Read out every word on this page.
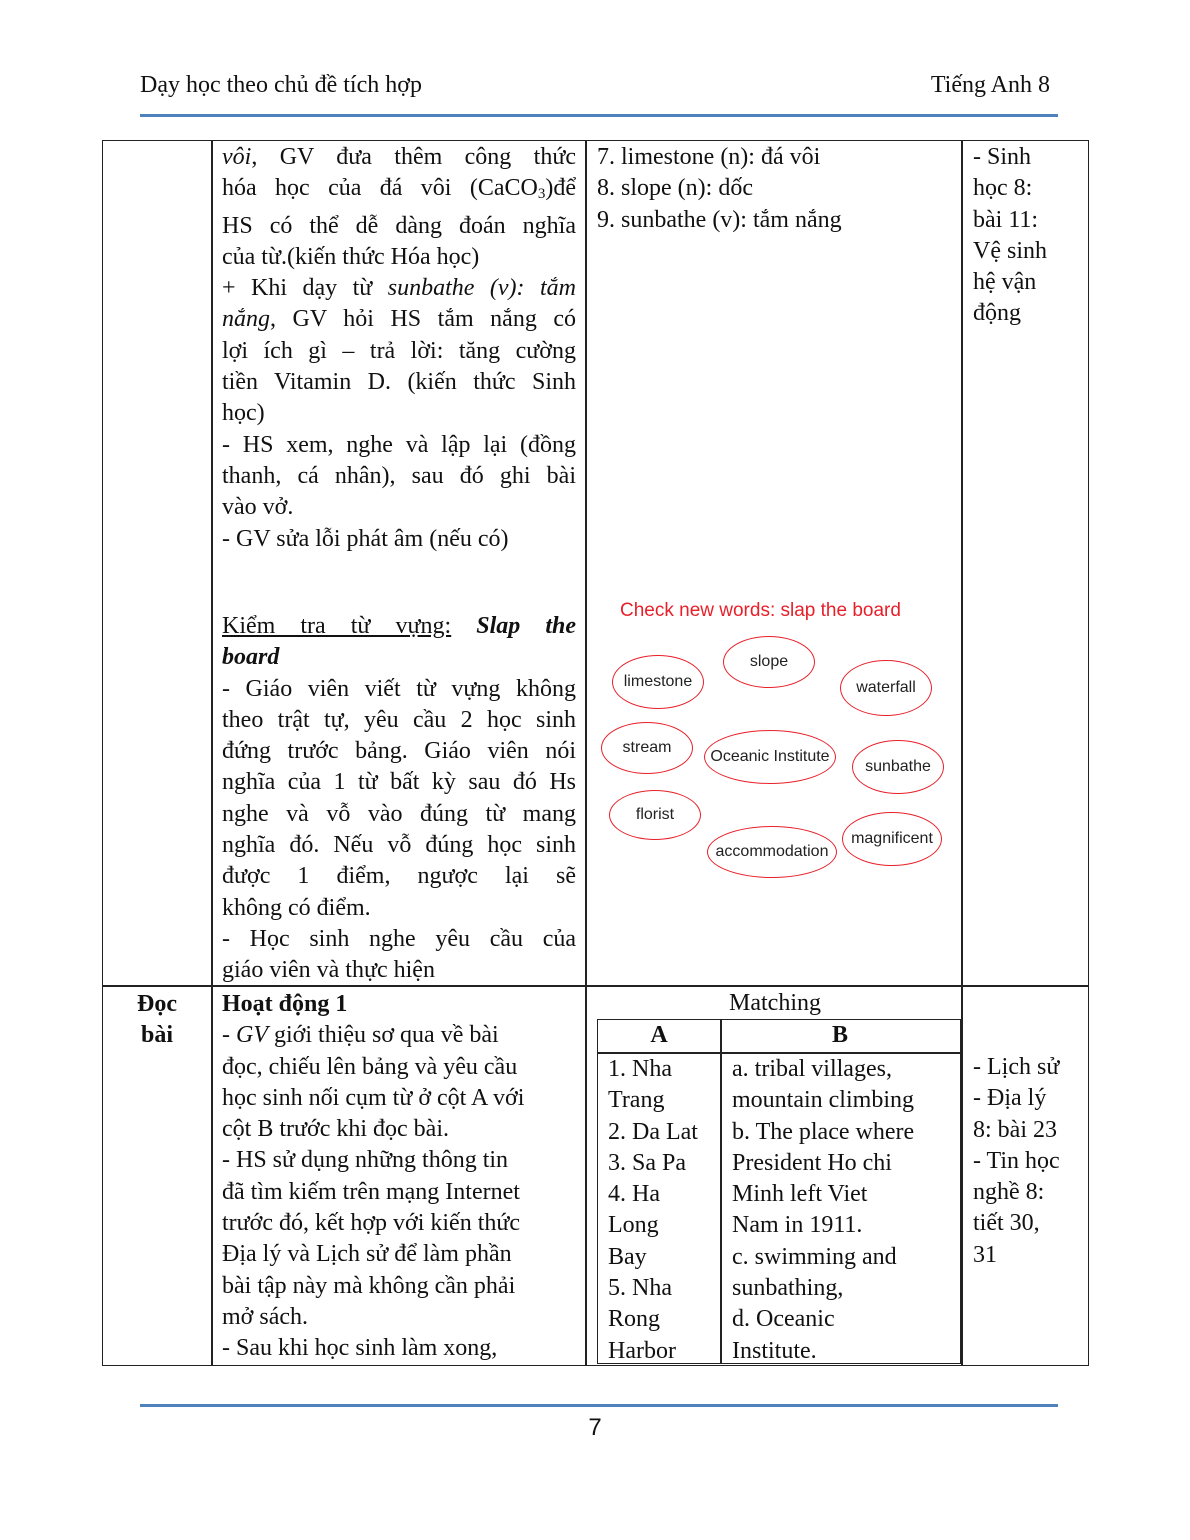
Dạy học theo chủ đề tích hợp	Tiếng Anh 8
vôi, GV đưa thêm công thức
hóa học của đá vôi (CaCO$_3$)để
HS có thể dễ dàng đoán nghĩa
của từ.(kiến thức Hóa học)
+ Khi dạy từ sunbathe (v): tắm
nắng, GV hỏi HS tắm nắng có
lợi ích gì – trả lời: tăng cường
tiền Vitamin D. (kiến thức Sinh
học)
- HS xem, nghe và lập lại (đồng
thanh, cá nhân), sau đó ghi bài
vào vở.
- GV sửa lỗi phát âm (nếu có)
Kiểm tra từ vựng: Slap the
board
- Giáo viên viết từ vựng không
theo trật tự, yêu cầu 2 học sinh
đứng trước bảng. Giáo viên nói
nghĩa của 1 từ bất kỳ sau đó Hs
nghe và vỗ vào đúng từ mang
nghĩa đó. Nếu vỗ đúng học sinh
được 1 điểm, ngược lại sẽ
không có điểm.
- Học sinh nghe yêu cầu của
giáo viên và thực hiện
7. limestone (n): đá vôi
8. slope (n): dốc
9. sunbathe (v): tắm nắng
Check new words: slap the board
limestone
slope
waterfall
stream
Oceanic Institute
sunbathe
florist
accommodation
magnificent
- Sinh
học 8:
bài 11:
Vệ sinh
hệ vận
động
Đọc
bài
Hoạt động 1
- GV giới thiệu sơ qua về bài
đọc, chiếu lên bảng và yêu cầu
học sinh nối cụm từ ở cột A với
cột B trước khi đọc bài.
- HS sử dụng những thông tin
đã tìm kiếm trên mạng Internet
trước đó, kết hợp với kiến thức
Địa lý và Lịch sử để làm phần
bài tập này mà không cần phải
mở sách.
- Sau khi học sinh làm xong,
Matching
A	B
1. Nha
Trang
2. Da Lat
3. Sa Pa
4. Ha
Long
Bay
5. Nha
Rong
Harbor
a. tribal villages,
mountain climbing
b. The place where
President Ho chi
Minh left Viet
Nam in 1911.
c. swimming and
sunbathing,
d. Oceanic
Institute.
- Lịch sử
- Địa lý
8: bài 23
- Tin học
nghề 8:
tiết 30,
31
7
